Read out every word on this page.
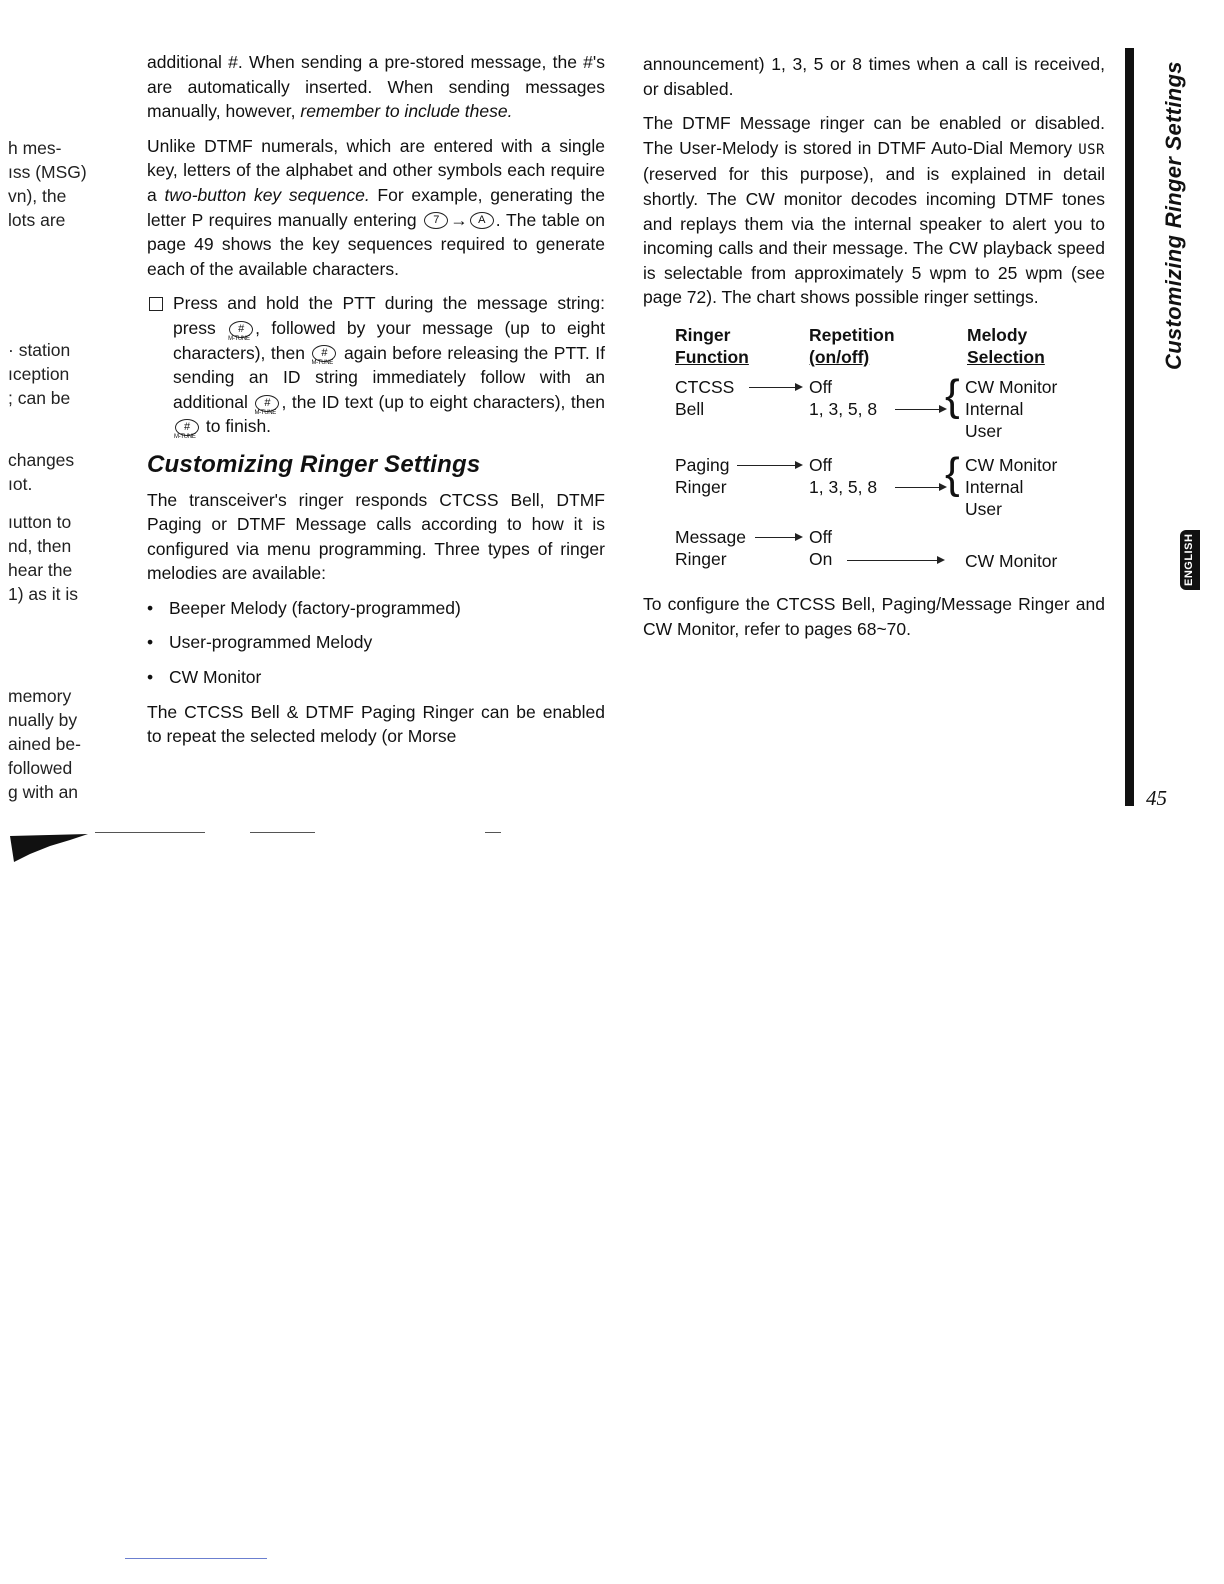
h mes-
ıss (MSG)
vn), the
lots are
· station
ıception
; can be
changes
ıot.
ıutton to
nd, then
hear the
1) as it is
memory
nually by
ained be-
followed
g with an

additional #. When sending a pre-stored message, the #'s are automatically inserted. When sending messages manually, however, remember to include these.

Unlike DTMF numerals, which are entered with a single key, letters of the alphabet and other symbols each require a two-button key sequence. For example, generating the letter P requires manually entering 7 → A . The table on page 49 shows the key sequences required to generate each of the available characters.

Press and hold the PTT during the message string: press #
M-TUNE
, followed by your message (up to eight characters), then #
M-TUNE
again before releasing the PTT. If sending an ID string immediately follow with an additional #
M-TUNE
, the ID text (up to eight characters), then #
M-TUNE
to finish.
Customizing Ringer Settings

The transceiver's ringer responds CTCSS Bell, DTMF Paging or DTMF Message calls according to how it is configured via menu programming. Three types of ringer melodies are available:

• Beeper Melody (factory-programmed)
• User-programmed Melody
• CW Monitor

The CTCSS Bell & DTMF Paging Ringer can be enabled to repeat the selected melody (or Morse

announcement) 1, 3, 5 or 8 times when a call is received, or disabled.

The DTMF Message ringer can be enabled or disabled. The User-Melody is stored in DTMF Auto-Dial Memory USR (reserved for this purpose), and is explained in detail shortly. The CW monitor decodes incoming DTMF tones and replays them via the internal speaker to alert you to incoming calls and their message. The CW playback speed is selectable from approximately 5 wpm to 25 wpm (see page 72). The chart shows possible ringer settings.

Ringer
Function
Repetition
(on/off)
Melody
Selection
CTCSS
Bell
Off
1, 3, 5, 8 { CW Monitor
Internal
User
Paging
Ringer
Off
1, 3, 5, 8 { CW Monitor
Internal
User
Message
Ringer
Off
On	CW Monitor

To configure the CTCSS Bell, Paging/Message Ringer and CW Monitor, refer to pages 68~70.

Customizing Ringer Settings
ENGLISH
45
